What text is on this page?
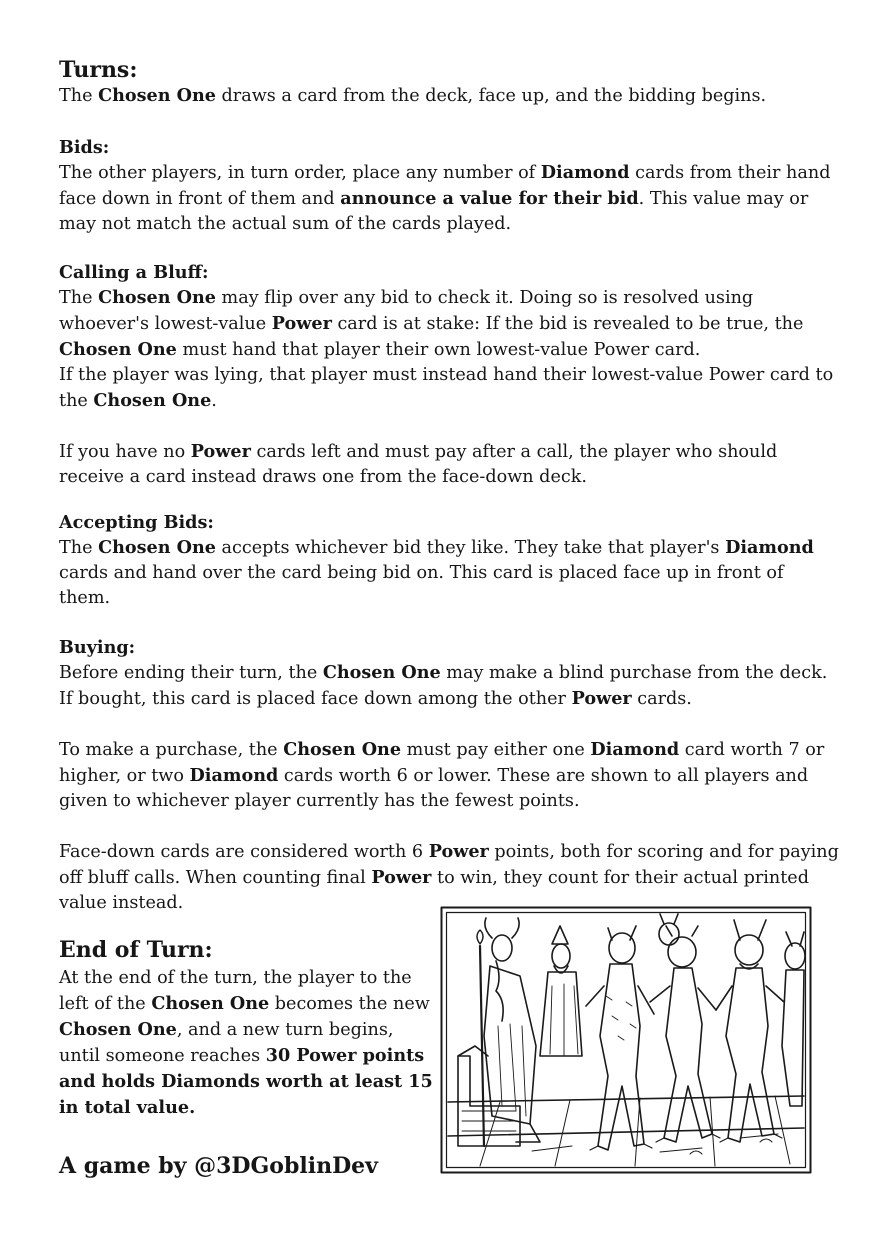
Turns:

The Chosen One draws a card from the deck, face up, and the bidding begins.

Bids:

The other players, in turn order, place any number of Diamond cards from their hand face down in front of them and announce a value for their bid. This value may or may not match the actual sum of the cards played.

Calling a Bluff:

The Chosen One may flip over any bid to check it. Doing so is resolved using whoever's lowest-value Power card is at stake: If the bid is revealed to be true, the Chosen One must hand that player their own lowest-value Power card.

If the player was lying, that player must instead hand their lowest-value Power card to the Chosen One.

If you have no Power cards left and must pay after a call, the player who should receive a card instead draws one from the face-down deck.

Accepting Bids:

The Chosen One accepts whichever bid they like. They take that player's Diamond cards and hand over the card being bid on. This card is placed face up in front of them.

Buying:

Before ending their turn, the Chosen One may make a blind purchase from the deck. If bought, this card is placed face down among the other Power cards.

To make a purchase, the Chosen One must pay either one Diamond card worth 7 or higher, or two Diamond cards worth 6 or lower. These are shown to all players and given to whichever player currently has the fewest points.

Face-down cards are considered worth 6 Power points, both for scoring and for paying off bluff calls. When counting final Power to win, they count for their actual printed value instead.

End of Turn:

At the end of the turn, the player to the left of the Chosen One becomes the new Chosen One, and a new turn begins, until someone reaches 30 Power points and holds Diamonds worth at least 15 in total value.

A game by @3DGoblinDev
